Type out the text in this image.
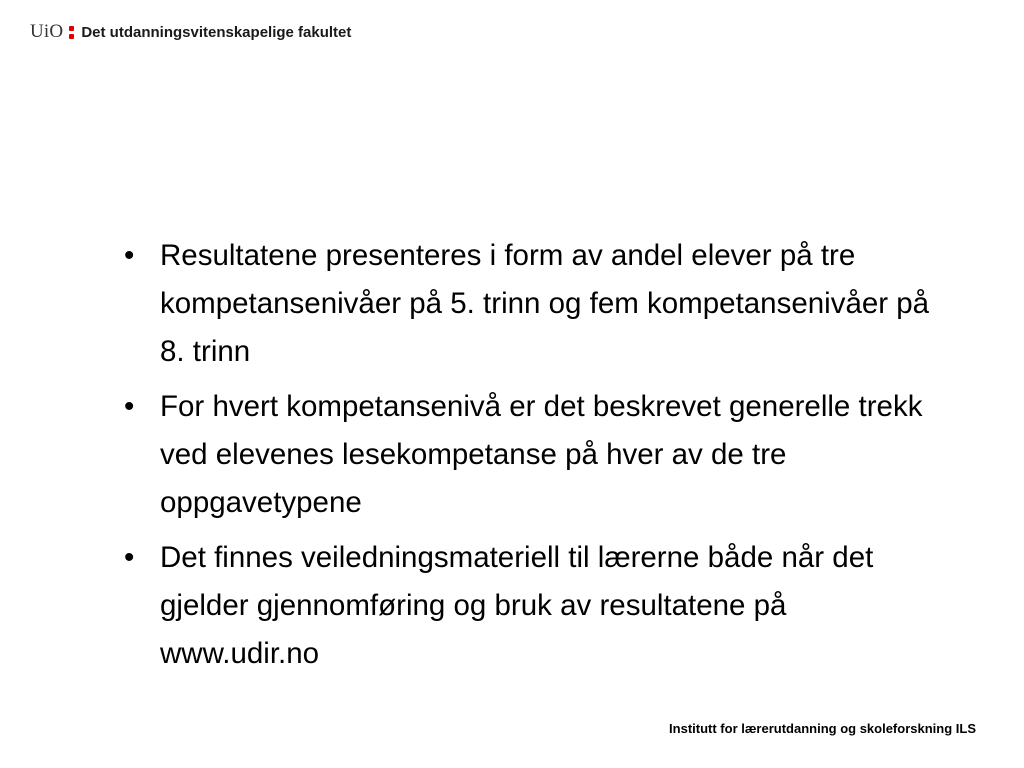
UiO Det utdanningsvitenskapelige fakultet
• Resultatene presenteres i form av andel elever på tre kompetansenivåer på 5. trinn og fem kompetansenivåer på 8. trinn
• For hvert kompetansenivå er det beskrevet generelle trekk ved elevenes lesekompetanse på hver av de tre oppgavetypene
• Det finnes veiledningsmateriell til lærerne både når det gjelder gjennomføring og bruk av resultatene på www.udir.no
Institutt for lærerutdanning og skoleforskning ILS
